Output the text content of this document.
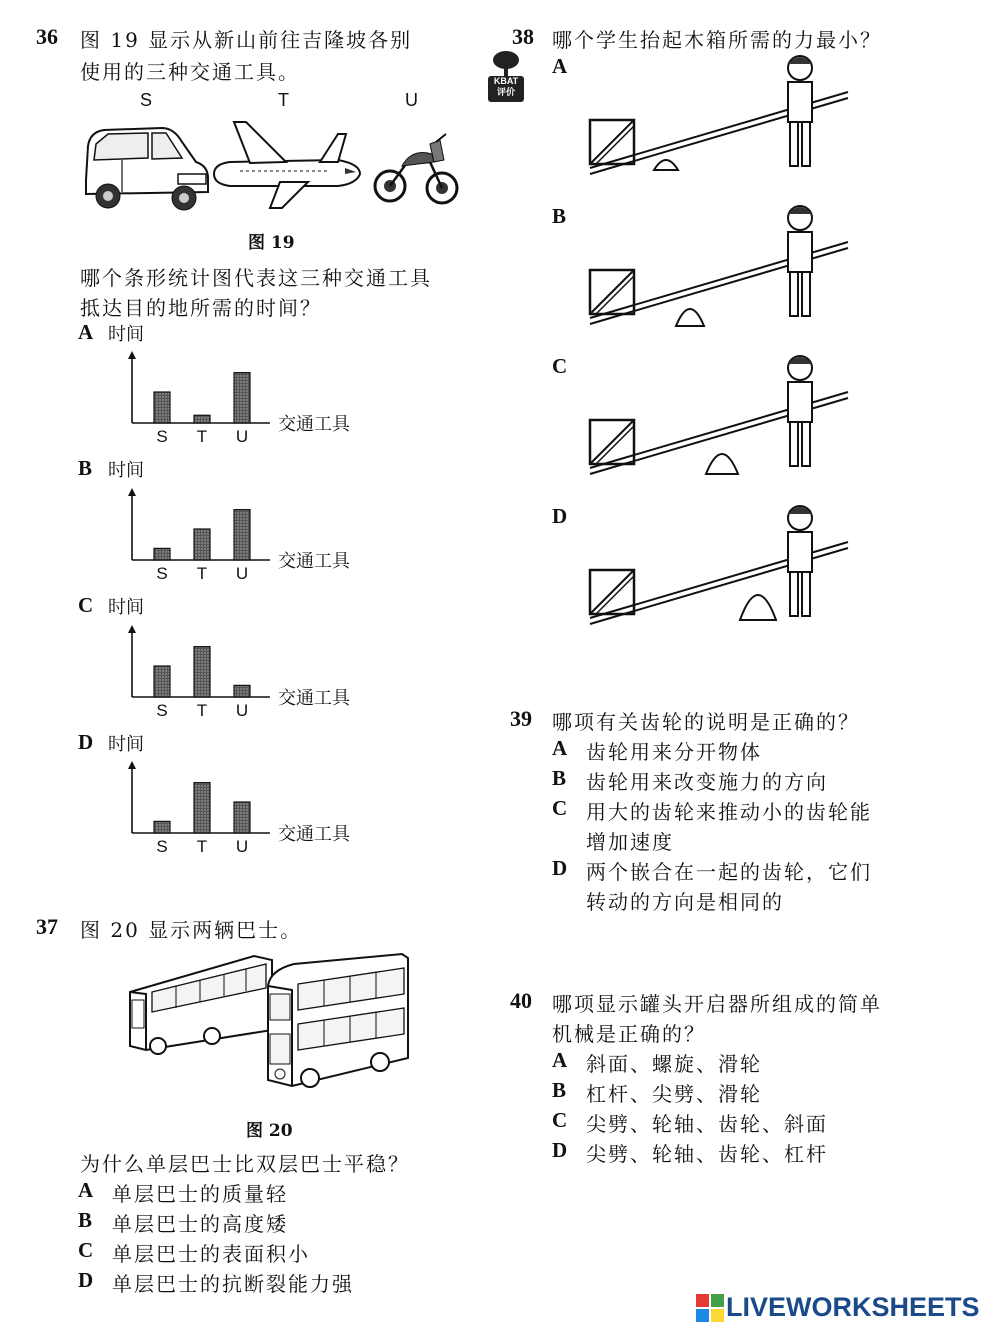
36 图 19 显示从新山前往吉隆坡各别
使用的三种交通工具。
S	T	U
图 19
哪个条形统计图代表这三种交通工具
抵达目的地所需的时间？
A 时间
交通工具
S T U
B 时间
交通工具
S T U
C 时间
交通工具
S T U
D 时间
交通工具
S T U
37 图 20 显示两辆巴士。
图 20
为什么单层巴士比双层巴士平稳？
A 单层巴士的质量轻
B 单层巴士的高度矮
C 单层巴士的表面积小
D 单层巴士的抗断裂能力强
38
KBAT
评价
哪个学生抬起木箱所需的力最小？
A
B
C
D
39 哪项有关齿轮的说明是正确的？
A 齿轮用来分开物体
B 齿轮用来改变施力的方向
C 用大的齿轮来推动小的齿轮能
增加速度
D 两个嵌合在一起的齿轮，它们
转动的方向是相同的
40 哪项显示罐头开启器所组成的简单
机械是正确的？
A 斜面、螺旋、滑轮
B 杠杆、尖劈、滑轮
C 尖劈、轮轴、齿轮、斜面
D 尖劈、轮轴、齿轮、杠杆
LIVEWORKSHEETS
